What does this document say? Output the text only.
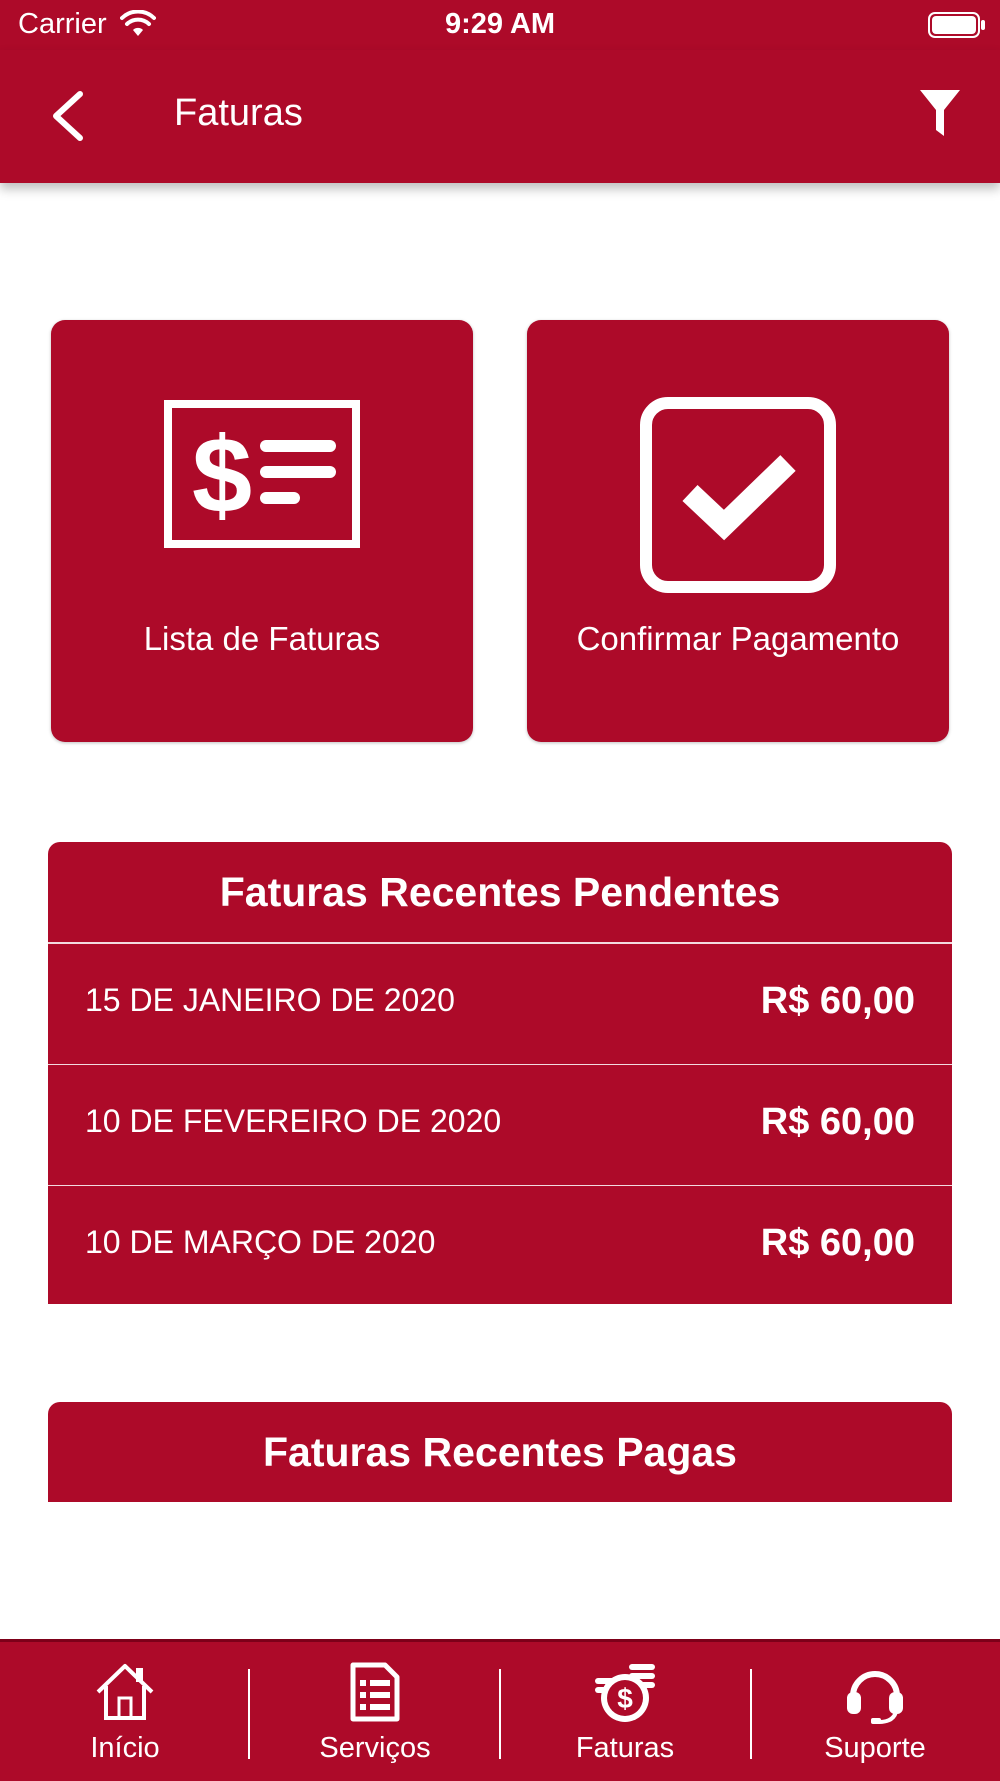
Carrier	9:29 AM
Faturas
$
Lista de Faturas	Confirmar Pagamento
Faturas Recentes Pendentes
15 DE JANEIRO DE 2020	R$ 60,00
10 DE FEVEREIRO DE 2020	R$ 60,00
10 DE MARÇO DE 2020	R$ 60,00
Faturas Recentes Pagas
Início	Serviços
$
Faturas	Suporte
